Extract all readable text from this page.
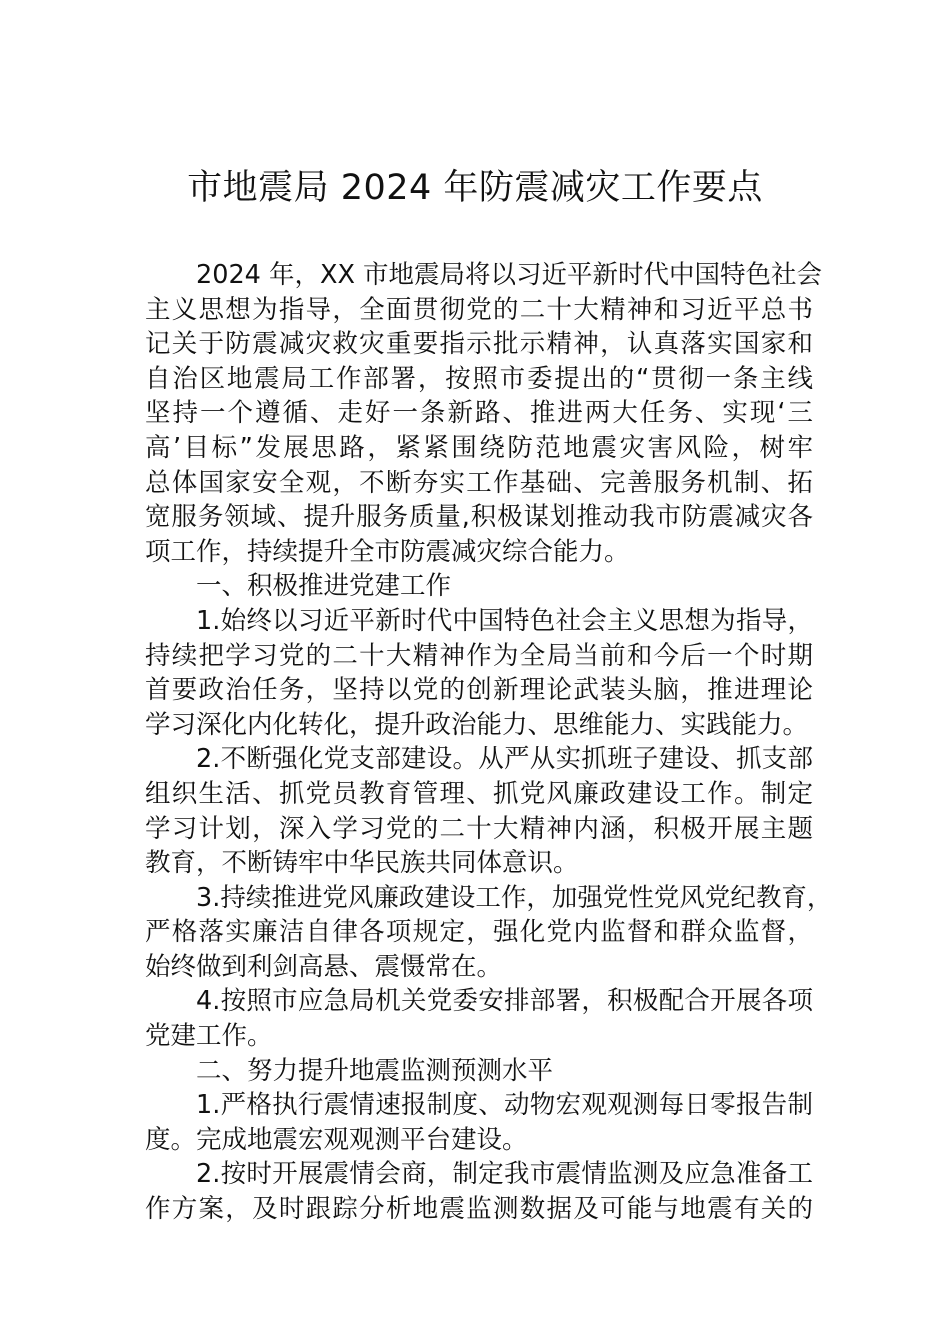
市地震局 2024 年防震减灾工作要点
2024 年，XX 市地震局将以习近平新时代中国特色社会
主义思想为指导，全面贯彻党的二十大精神和习近平总书
记关于防震减灾救灾重要指示批示精神，认真落实国家和
自治区地震局工作部署，按照市委提出的“贯彻一条主线
坚持一个遵循、走好一条新路、推进两大任务、实现‘三
高’目标”发展思路，紧紧围绕防范地震灾害风险，树牢
总体国家安全观，不断夯实工作基础、完善服务机制、拓
宽服务领域、提升服务质量,积极谋划推动我市防震减灾各
项工作，持续提升全市防震减灾综合能力。
一、积极推进党建工作
1.始终以习近平新时代中国特色社会主义思想为指导，
持续把学习党的二十大精神作为全局当前和今后一个时期
首要政治任务，坚持以党的创新理论武装头脑，推进理论
学习深化内化转化，提升政治能力、思维能力、实践能力。
2.不断强化党支部建设。从严从实抓班子建设、抓支部
组织生活、抓党员教育管理、抓党风廉政建设工作。制定
学习计划，深入学习党的二十大精神内涵，积极开展主题
教育，不断铸牢中华民族共同体意识。
3.持续推进党风廉政建设工作，加强党性党风党纪教育，
严格落实廉洁自律各项规定，强化党内监督和群众监督，
始终做到利剑高悬、震慑常在。
4.按照市应急局机关党委安排部署，积极配合开展各项
党建工作。
二、努力提升地震监测预测水平
1.严格执行震情速报制度、动物宏观观测每日零报告制
度。完成地震宏观观测平台建设。
2.按时开展震情会商，制定我市震情监测及应急准备工
作方案，及时跟踪分析地震监测数据及可能与地震有关的
